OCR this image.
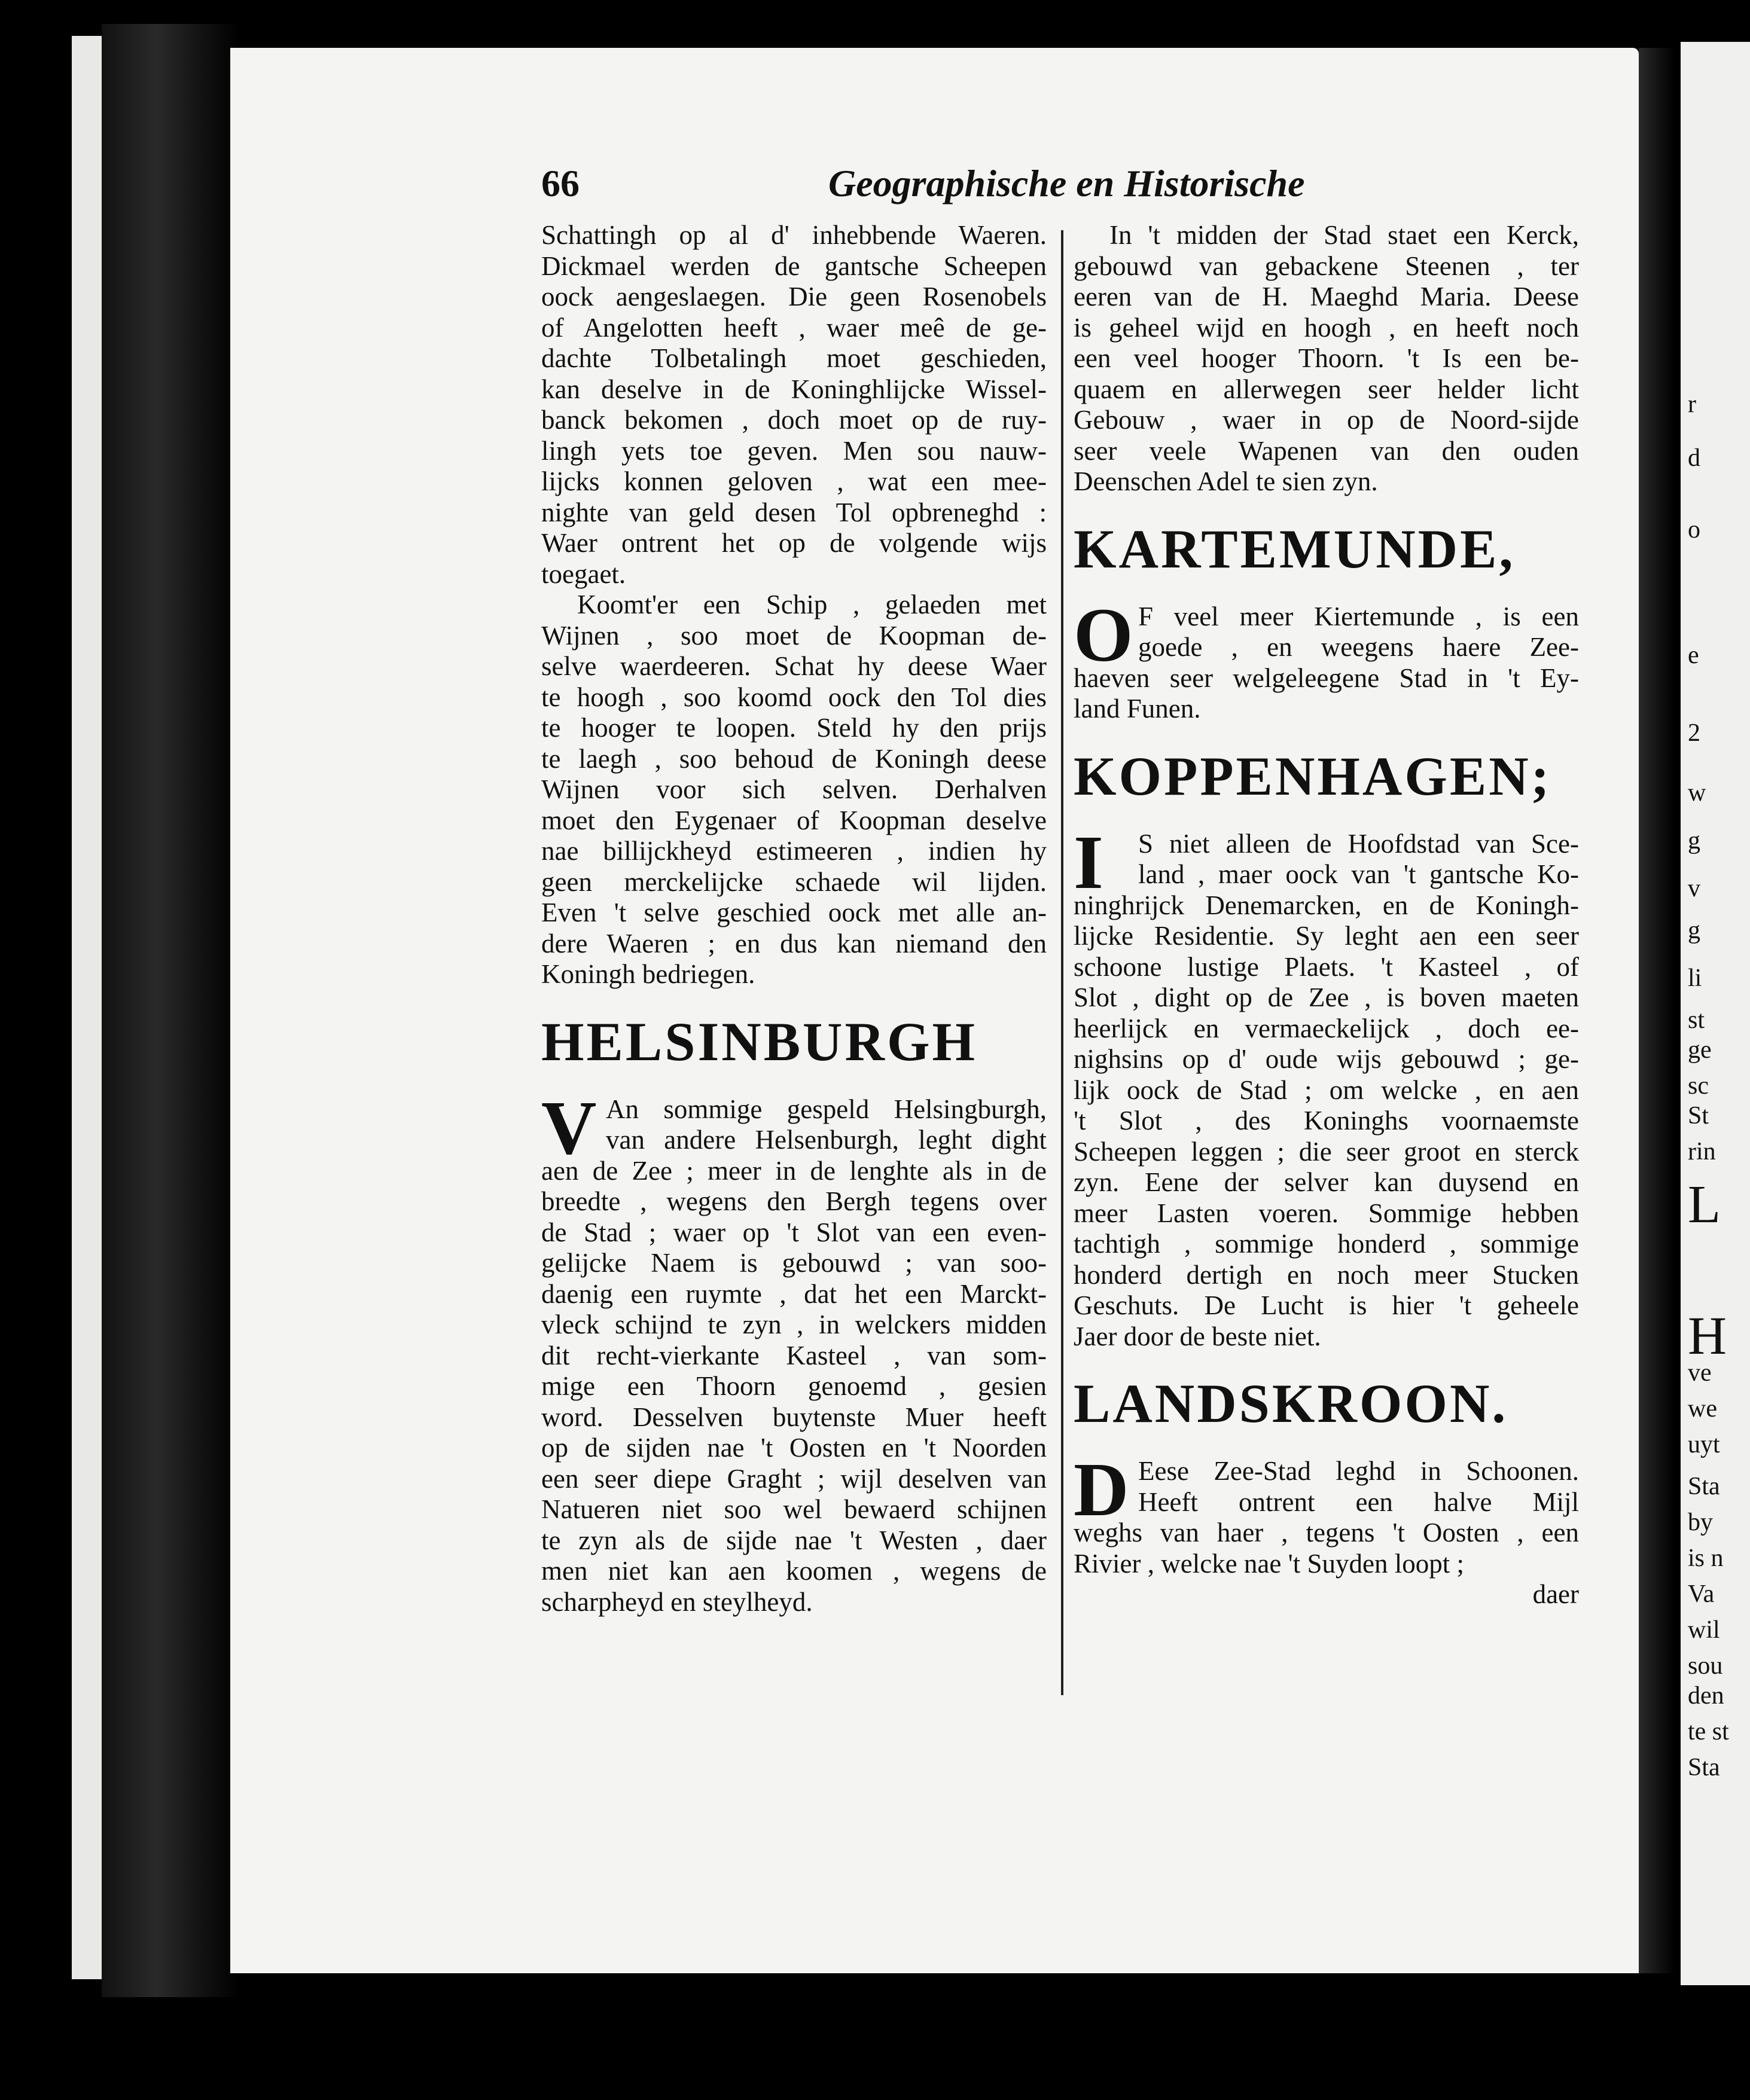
r
d
o
e
2
w
g
v
g
li
st
ge
sc
St
rin
L
H
ve
we
uyt
Sta
by
is n
Va
wil
sou
den
te st
Sta
66	Geographische en Historische

Schattingh op al d' inhebbende Waeren.
Dickmael werden de gantsche Scheepen
oock aengeslaegen. Die geen Rosenobels
of Angelotten heeft , waer meê de ge-
dachte Tolbetalingh moet geschieden,
kan deselve in de Koninghlijcke Wissel-
banck bekomen , doch moet op de ruy-
lingh yets toe geven. Men sou nauw-
lijcks konnen geloven , wat een mee-
nighte van geld desen Tol opbreneghd :
Waer ontrent het op de volgende wijs
toegaet.

Koomt'er een Schip , gelaeden met
Wijnen , soo moet de Koopman de-
selve waerdeeren. Schat hy deese Waer
te hoogh , soo koomd oock den Tol dies
te hooger te loopen. Steld hy den prijs
te laegh , soo behoud de Koningh deese
Wijnen voor sich selven. Derhalven
moet den Eygenaer of Koopman deselve
nae billijckheyd estimeeren , indien hy
geen merckelijcke schaede wil lijden.
Even 't selve geschied oock met alle an-
dere Waeren ; en dus kan niemand den
Koningh bedriegen.

HELSINBURGH
V An sommige gespeld Helsingburgh,
van andere Helsenburgh, leght dight
aen de Zee ; meer in de lenghte als in de
breedte , wegens den Bergh tegens over
de Stad ; waer op 't Slot van een even-
gelijcke Naem is gebouwd ; van soo-
daenig een ruymte , dat het een Marckt-
vleck schijnd te zyn , in welckers midden
dit recht-vierkante Kasteel , van som-
mige een Thoorn genoemd , gesien
word. Desselven buytenste Muer heeft
op de sijden nae 't Oosten en 't Noorden
een seer diepe Graght ; wijl deselven van
Natueren niet soo wel bewaerd schijnen
te zyn als de sijde nae 't Westen , daer
men niet kan aen koomen , wegens de
scharpheyd en steylheyd.

In 't midden der Stad staet een Kerck,
gebouwd van gebackene Steenen , ter
eeren van de H. Maeghd Maria. Deese
is geheel wijd en hoogh , en heeft noch
een veel hooger Thoorn. 't Is een be-
quaem en allerwegen seer helder licht
Gebouw , waer in op de Noord-sijde
seer veele Wapenen van den ouden
Deenschen Adel te sien zyn.

KARTEMUNDE,
O F veel meer Kiertemunde , is een
goede , en weegens haere Zee-
haeven seer welgeleegene Stad in 't Ey-
land Funen.

KOPPENHAGEN;
I	S niet alleen de Hoofdstad van Sce-
land , maer oock van 't gantsche Ko-
ninghrijck Denemarcken, en de Koningh-
lijcke Residentie. Sy leght aen een seer
schoone lustige Plaets. 't Kasteel , of
Slot , dight op de Zee , is boven maeten
heerlijck en vermaeckelijck , doch ee-
nighsins op d' oude wijs gebouwd ; ge-
lijk oock de Stad ; om welcke , en aen
't Slot , des Koninghs voornaemste
Scheepen leggen ; die seer groot en sterck
zyn. Eene der selver kan duysend en
meer Lasten voeren. Sommige hebben
tachtigh , sommige honderd , sommige
honderd dertigh en noch meer Stucken
Geschuts. De Lucht is hier 't geheele
Jaer door de beste niet.

LANDSKROON.
D Eese Zee-Stad leghd in Schoonen.
Heeft ontrent een halve Mijl
weghs van haer , tegens 't Oosten , een
Rivier , welcke nae 't Suyden loopt ;

daer
